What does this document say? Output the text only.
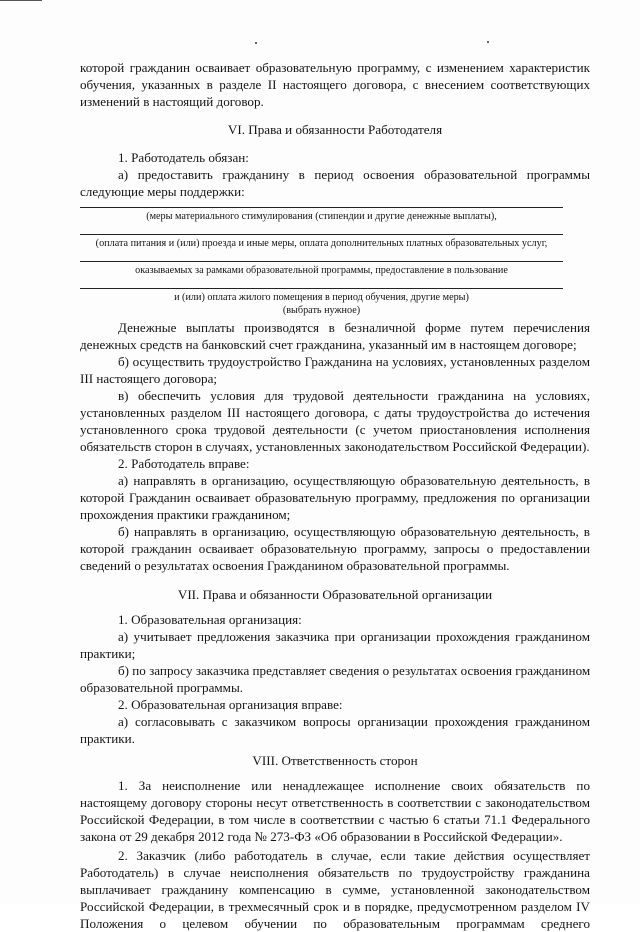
которой гражданин осваивает образовательную программу, с изменением характеристик
обучения, указанных в разделе II настоящего договора, с внесением соответствующих
изменений в настоящий договор.
VI. Права и обязанности Работодателя
1. Работодатель обязан:
а) предоставить гражданину в период освоения образовательной программы
следующие меры поддержки:
(меры материального стимулирования (стипендии и другие денежные выплаты),
(оплата питания и (или) проезда и иные меры, оплата дополнительных платных образовательных услуг,
оказываемых за рамками образовательной программы, предоставление в пользование
и (или) оплата жилого помещения в период обучения, другие меры)
(выбрать нужное)
Денежные выплаты производятся в безналичной форме путем перечисления
денежных средств на банковский счет гражданина, указанный им в настоящем договоре;
б) осуществить трудоустройство Гражданина на условиях, установленных разделом
III настоящего договора;
в) обеспечить условия для трудовой деятельности гражданина на условиях,
установленных разделом III настоящего договора, с даты трудоустройства до истечения
установленного срока трудовой деятельности (с учетом приостановления исполнения
обязательств сторон в случаях, установленных законодательством Российской Федерации).
2. Работодатель вправе:
а) направлять в организацию, осуществляющую образовательную деятельность, в
которой Гражданин осваивает образовательную программу, предложения по организации
прохождения практики гражданином;
б) направлять в организацию, осуществляющую образовательную деятельность, в
которой гражданин осваивает образовательную программу, запросы о предоставлении
сведений о результатах освоения Гражданином образовательной программы.
VII. Права и обязанности Образовательной организации
1. Образовательная организация:
а) учитывает предложения заказчика при организации прохождения гражданином
практики;
б) по запросу заказчика представляет сведения о результатах освоения гражданином
образовательной программы.
2. Образовательная организация вправе:
а) согласовывать с заказчиком вопросы организации прохождения гражданином
практики.
VIII. Ответственность сторон
1. За неисполнение или ненадлежащее исполнение своих обязательств по
настоящему договору стороны несут ответственность в соответствии с законодательством
Российской Федерации, в том числе в соответствии с частью 6 статьи 71.1 Федерального
закона от 29 декабря 2012 года № 273-ФЗ «Об образовании в Российской Федерации».
2. Заказчик (либо работодатель в случае, если такие действия осуществляет
Работодатель) в случае неисполнения обязательств по трудоустройству гражданина
выплачивает гражданину компенсацию в сумме, установленной законодательством
Российской Федерации, в трехмесячный срок и в порядке, предусмотренном разделом IV
Положения о целевом обучении по образовательным программам среднего
